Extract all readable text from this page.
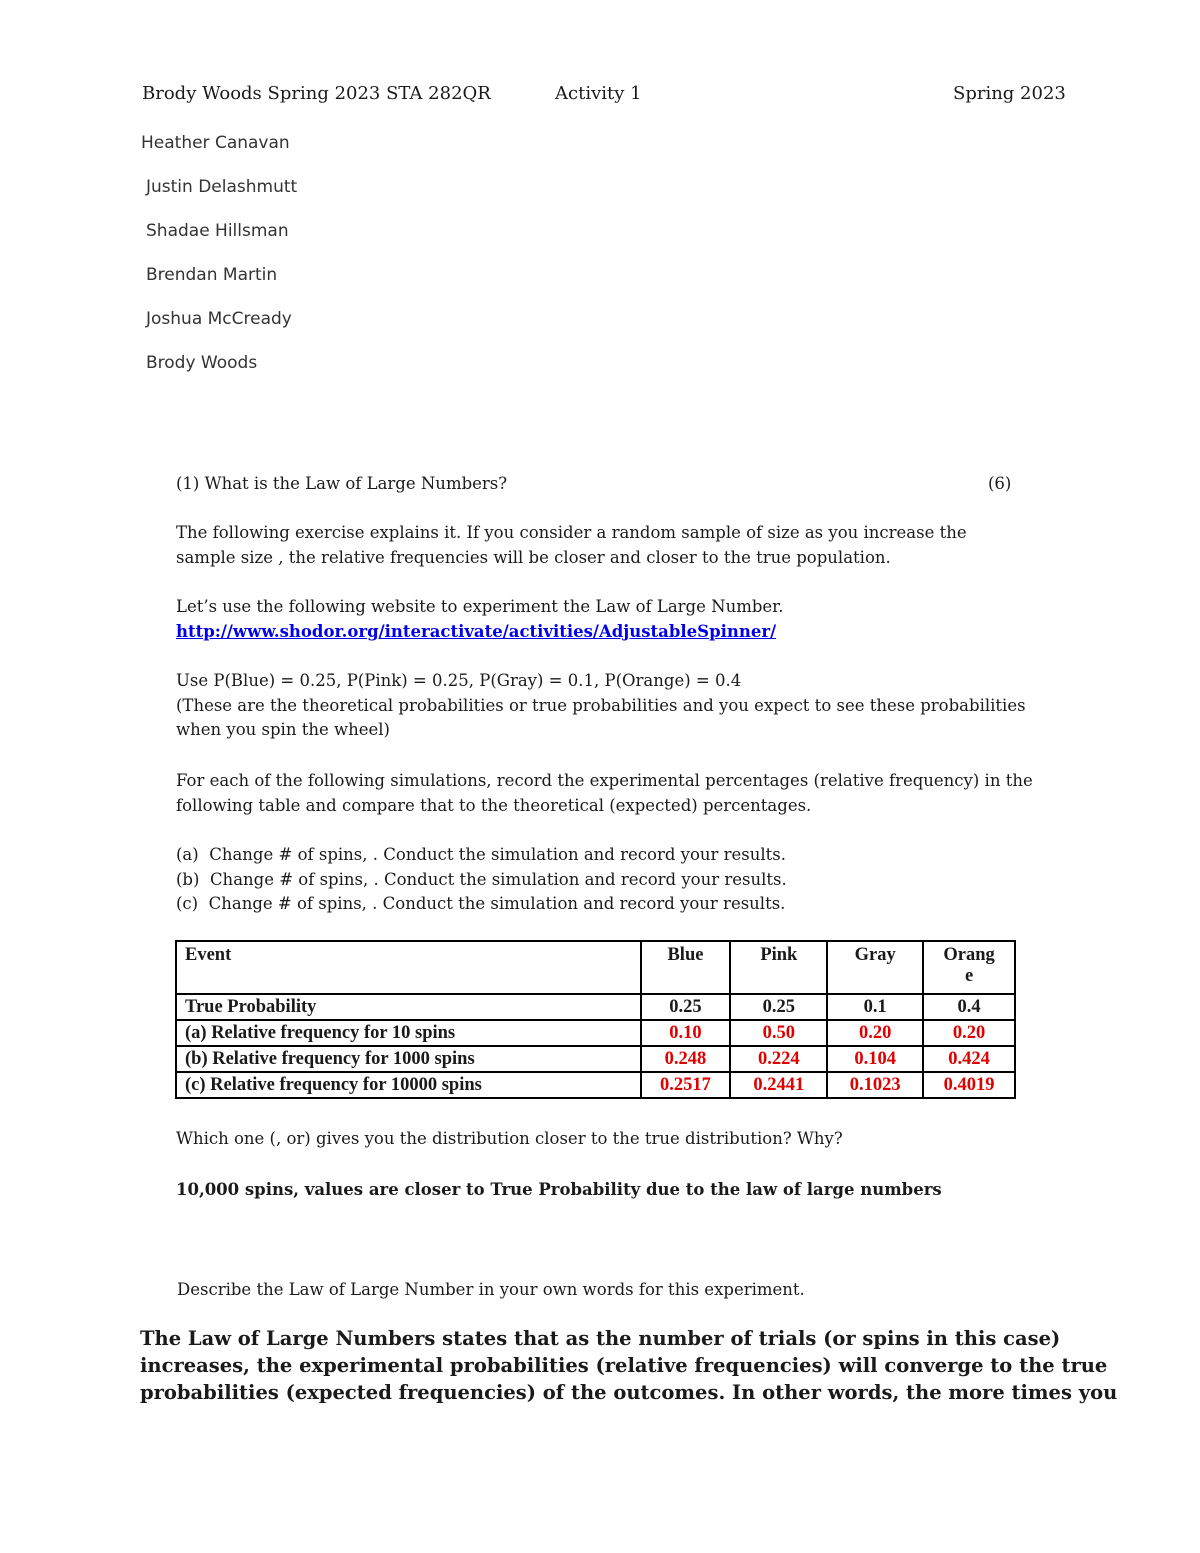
Brody Woods Spring 2023 STA 282QR	Activity 1	Spring 2023
Heather Canavan
Justin Delashmutt
Shadae Hillsman
Brendan Martin
Joshua McCready
Brody Woods
(1) What is the Law of Large Numbers?	(6)
The following exercise explains it. If you consider a random sample of size as you increase the
sample size , the relative frequencies will be closer and closer to the true population.
Let’s use the following website to experiment the Law of Large Number.
http://www.shodor.org/interactivate/activities/AdjustableSpinner/
Use P(Blue) = 0.25, P(Pink) = 0.25, P(Gray) = 0.1, P(Orange) = 0.4
(These are the theoretical probabilities or true probabilities and you expect to see these probabilities
when you spin the wheel)
For each of the following simulations, record the experimental percentages (relative frequency) in the
following table and compare that to the theoretical (expected) percentages.
(a) Change # of spins, . Conduct the simulation and record your results.
(b) Change # of spins, . Conduct the simulation and record your results.
(c) Change # of spins, . Conduct the simulation and record your results.
Event	Blue	Pink	Gray	Orang
e

True Probability	0.25	0.25	0.1	0.4
(a) Relative frequency for 10 spins	0.10	0.50	0.20	0.20
(b) Relative frequency for 1000 spins	0.248	0.224	0.104	0.424
(c) Relative frequency for 10000 spins	0.2517	0.2441	0.1023	0.4019
Which one (, or) gives you the distribution closer to the true distribution? Why?
10,000 spins, values are closer to True Probability due to the law of large numbers
Describe the Law of Large Number in your own words for this experiment.
The Law of Large Numbers states that as the number of trials (or spins in this case)
increases, the experimental probabilities (relative frequencies) will converge to the true
probabilities (expected frequencies) of the outcomes. In other words, the more times you
